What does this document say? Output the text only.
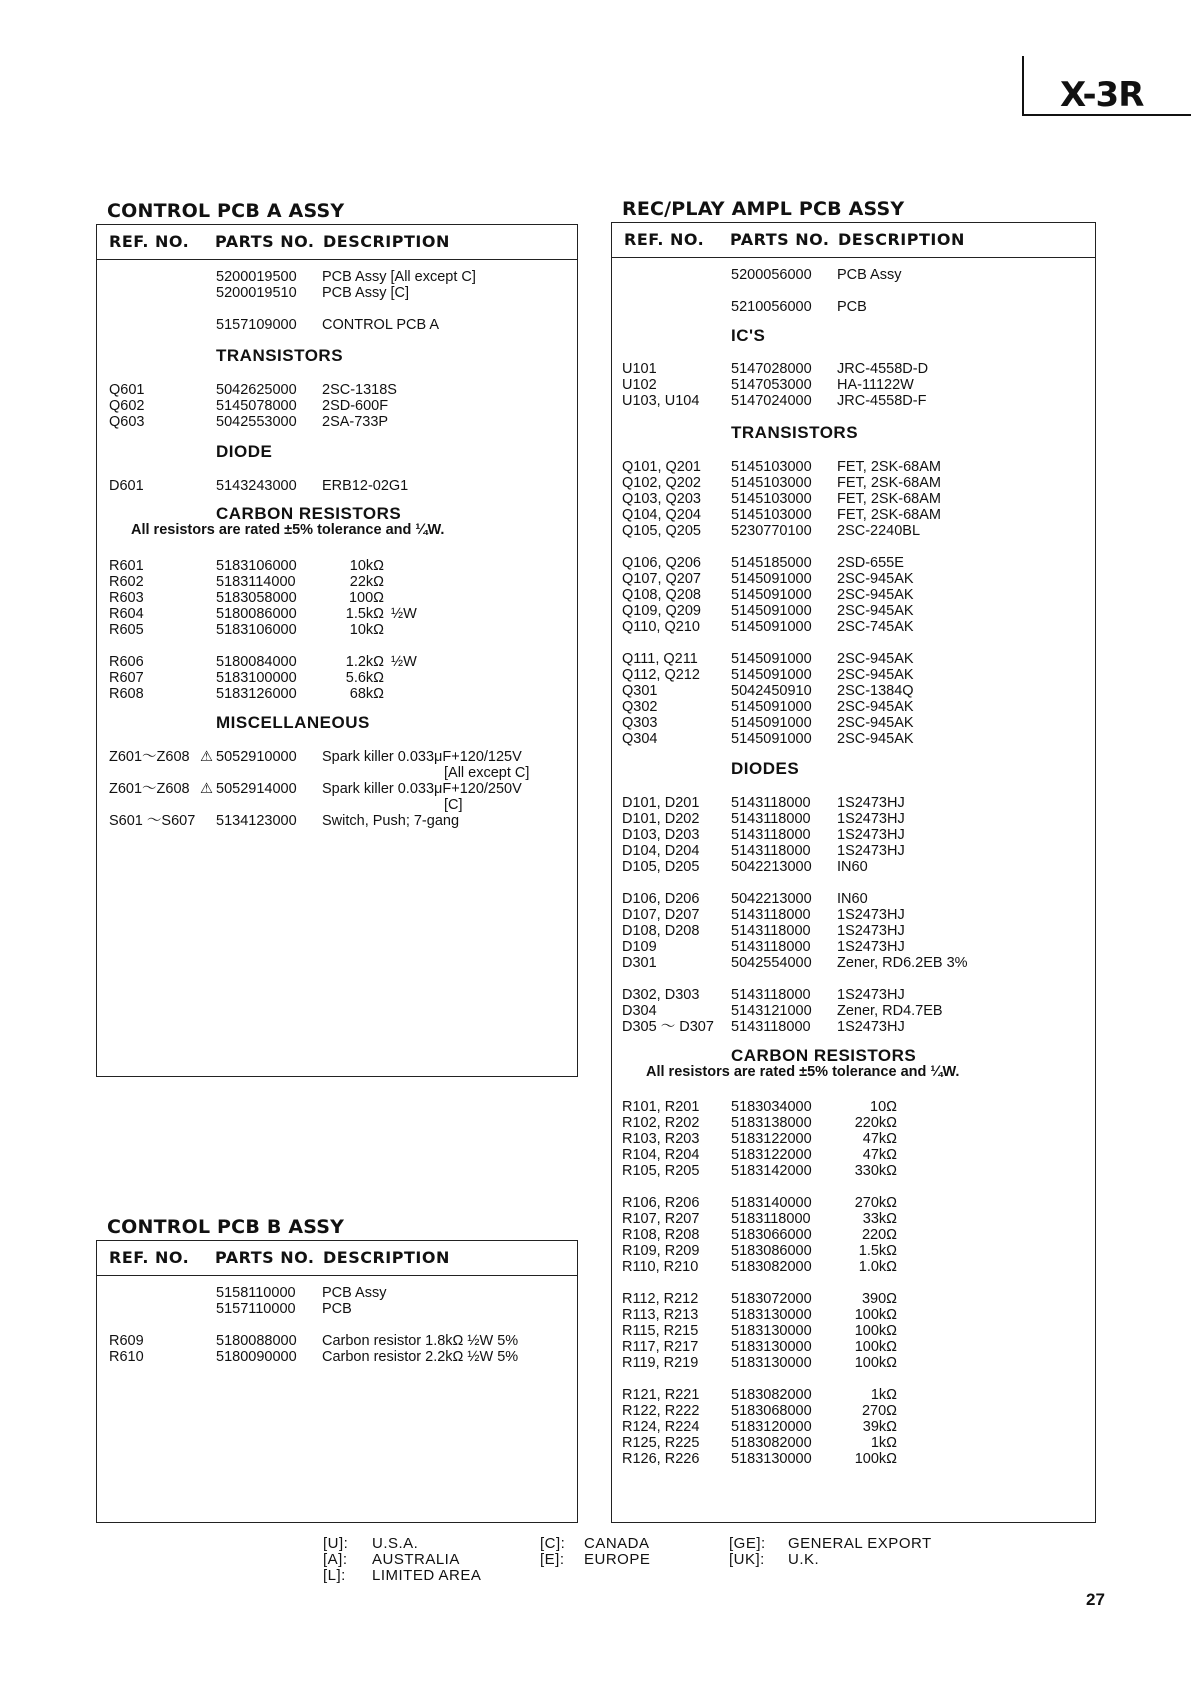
X-3R
CONTROL PCB A ASSY
REF. NO. PARTS NO. DESCRIPTION
5200019500 PCB Assy [All except C]
5200019510 PCB Assy [C]
5157109000 CONTROL PCB A
TRANSISTORS
Q601	5042625000 2SC-1318S
Q602	5145078000 2SD-600F
Q603	5042553000 2SA-733P
DIODE
D601	5143243000 ERB12-02G1
CARBON RESISTORS
All resistors are rated ±5% tolerance and ¼W.
R601	5183106000	10kΩ
R602	5183114000	22kΩ
R603	5183058000	100Ω
R604	5180086000	1.5kΩ ½W
R605	5183106000	10kΩ
R606	5180084000	1.2kΩ ½W
R607	5183100000	5.6kΩ
R608	5183126000	68kΩ
MISCELLANEOUS
Z601～Z608 ⚠ 5052910000 Spark killer 0.033μF+120/125V
[All except C]
Z601～Z608 ⚠ 5052914000 Spark killer 0.033μF+120/250V
[C]
S601 ～S607 5134123000 Switch, Push; 7-gang
CONTROL PCB B ASSY
REF. NO. PARTS NO. DESCRIPTION
5158110000 PCB Assy
5157110000 PCB
R609	5180088000 Carbon resistor 1.8kΩ ½W 5%
R610	5180090000 Carbon resistor 2.2kΩ ½W 5%
REC/PLAY AMPL PCB ASSY
REF. NO. PARTS NO. DESCRIPTION
5200056000 PCB Assy
5210056000 PCB
IC'S
U101	5147028000 JRC-4558D-D
U102	5147053000 HA-11122W
U103, U104 5147024000 JRC-4558D-F
TRANSISTORS
Q101, Q201 5145103000 FET, 2SK-68AM
Q102, Q202 5145103000 FET, 2SK-68AM
Q103, Q203 5145103000 FET, 2SK-68AM
Q104, Q204 5145103000 FET, 2SK-68AM
Q105, Q205 5230770100 2SC-2240BL
Q106, Q206 5145185000 2SD-655E
Q107, Q207 5145091000 2SC-945AK
Q108, Q208 5145091000 2SC-945AK
Q109, Q209 5145091000 2SC-945AK
Q110, Q210 5145091000 2SC-745AK
Q111, Q211 5145091000 2SC-945AK
Q112, Q212 5145091000 2SC-945AK
Q301	5042450910 2SC-1384Q
Q302	5145091000 2SC-945AK
Q303	5145091000 2SC-945AK
Q304	5145091000 2SC-945AK
DIODES
D101, D201 5143118000 1S2473HJ
D101, D202 5143118000 1S2473HJ
D103, D203 5143118000 1S2473HJ
D104, D204 5143118000 1S2473HJ
D105, D205 5042213000 IN60
D106, D206 5042213000 IN60
D107, D207 5143118000 1S2473HJ
D108, D208 5143118000 1S2473HJ
D109	5143118000 1S2473HJ
D301	5042554000 Zener, RD6.2EB 3%
D302, D303 5143118000 1S2473HJ
D304	5143121000 Zener, RD4.7EB
D305 ～ D307 5143118000 1S2473HJ
CARBON RESISTORS
All resistors are rated ±5% tolerance and ¼W.
R101, R201 5183034000	10Ω
R102, R202 5183138000	220kΩ
R103, R203 5183122000	47kΩ
R104, R204 5183122000	47kΩ
R105, R205 5183142000	330kΩ
R106, R206 5183140000	270kΩ
R107, R207 5183118000	33kΩ
R108, R208 5183066000	220Ω
R109, R209 5183086000	1.5kΩ
R110, R210 5183082000	1.0kΩ
R112, R212 5183072000	390Ω
R113, R213 5183130000	100kΩ
R115, R215 5183130000	100kΩ
R117, R217 5183130000	100kΩ
R119, R219 5183130000	100kΩ
R121, R221 5183082000	1kΩ
R122, R222 5183068000	270Ω
R124, R224 5183120000	39kΩ
R125, R225 5183082000	1kΩ
R126, R226 5183130000	100kΩ
[U]: U.S.A.
[A]: AUSTRALIA
[L]: LIMITED AREA
[C]: CANADA
[E]: EUROPE
[GE]: GENERAL EXPORT
[UK]: U.K.
27
